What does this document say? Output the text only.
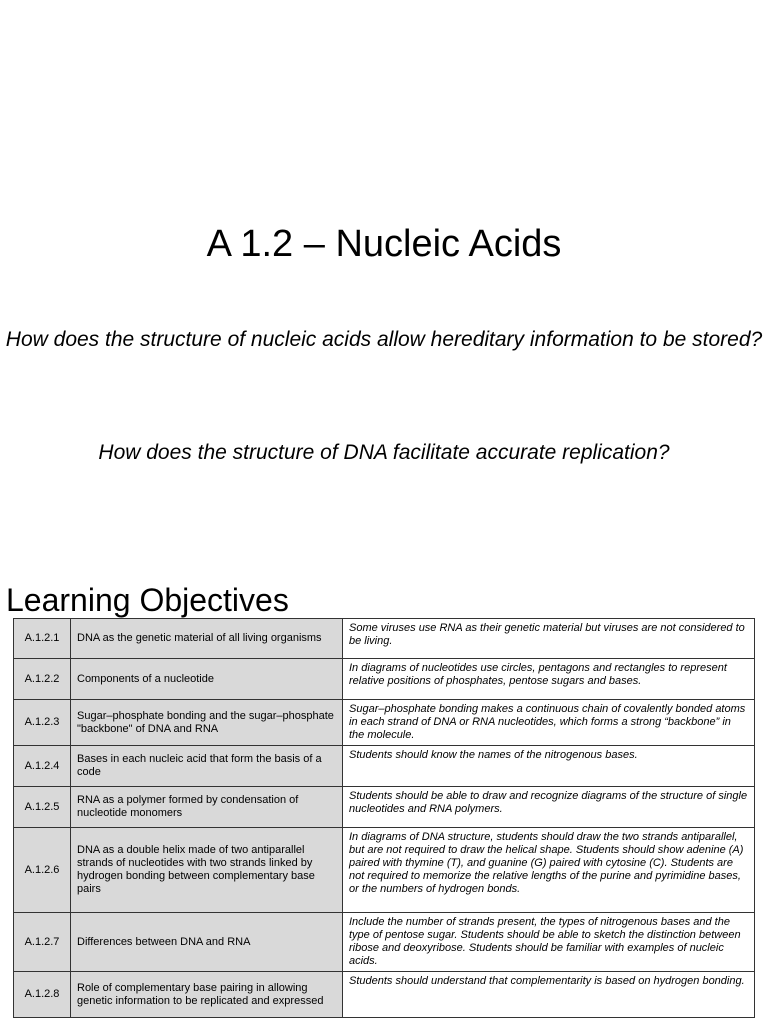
A 1.2 – Nucleic Acids
How does the structure of nucleic acids allow hereditary information to be stored?
How does the structure of DNA facilitate accurate replication?
Learning Objectives
A.1.2.1	DNA as the genetic material of all living organisms	Some viruses use RNA as their genetic material but viruses are not considered to be living.
A.1.2.2	Components of a nucleotide	In diagrams of nucleotides use circles, pentagons and rectangles to represent relative positions of phosphates, pentose sugars and bases.
A.1.2.3	Sugar–phosphate bonding and the sugar–phosphate "backbone" of DNA and RNA	Sugar–phosphate bonding makes a continuous chain of covalently bonded atoms in each strand of DNA or RNA nucleotides, which forms a strong “backbone” in the molecule.
A.1.2.4	Bases in each nucleic acid that form the basis of a code	Students should know the names of the nitrogenous bases.
A.1.2.5	RNA as a polymer formed by condensation of nucleotide monomers	Students should be able to draw and recognize diagrams of the structure of single nucleotides and RNA polymers.
A.1.2.6	DNA as a double helix made of two antiparallel strands of nucleotides with two strands linked by hydrogen bonding between complementary base pairs	In diagrams of DNA structure, students should draw the two strands antiparallel, but are not required to draw the helical shape. Students should show adenine (A) paired with thymine (T), and guanine (G) paired with cytosine (C). Students are not required to memorize the relative lengths of the purine and pyrimidine bases, or the numbers of hydrogen bonds.
A.1.2.7	Differences between DNA and RNA	Include the number of strands present, the types of nitrogenous bases and the type of pentose sugar. Students should be able to sketch the distinction between ribose and deoxyribose. Students should be familiar with examples of nucleic acids.
A.1.2.8	Role of complementary base pairing in allowing genetic information to be replicated and expressed	Students should understand that complementarity is based on hydrogen bonding.
